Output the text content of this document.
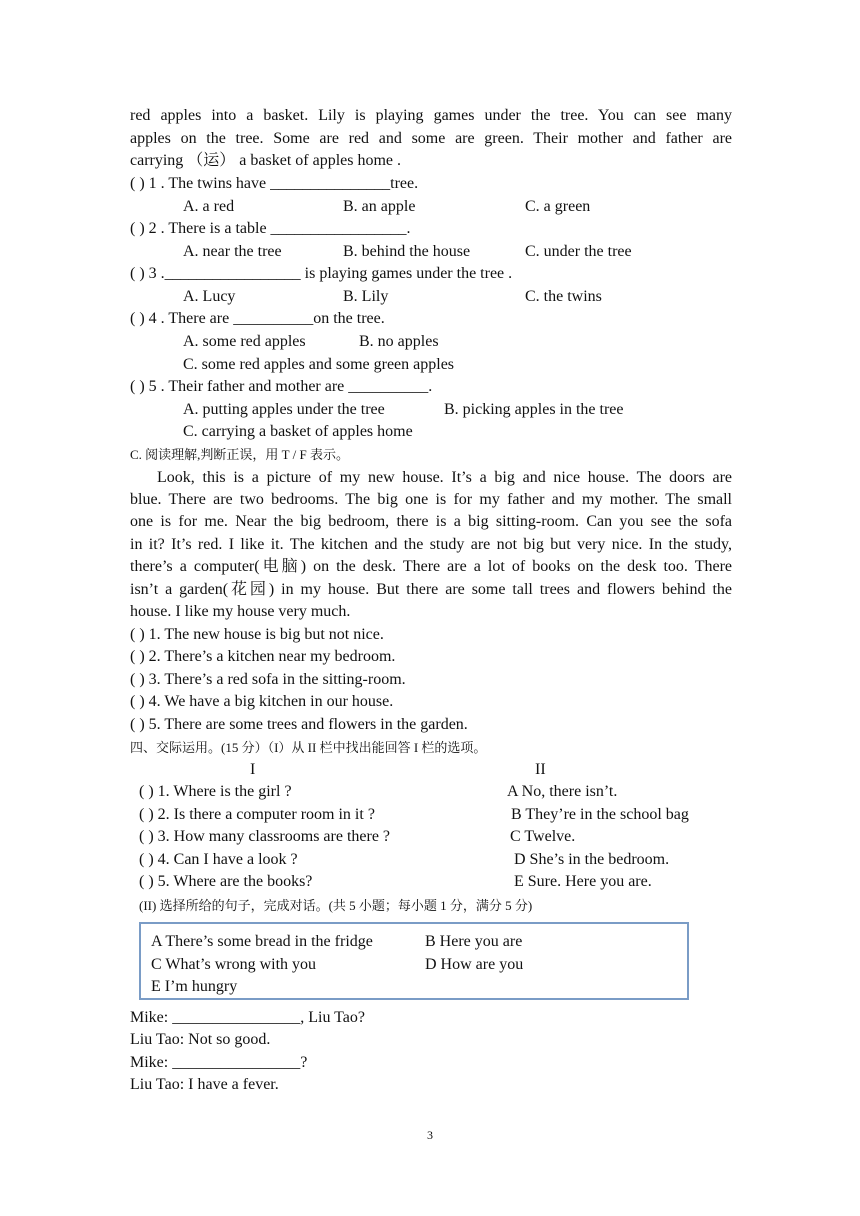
red apples into a basket. Lily is playing games under the tree. You can see many
apples on the tree. Some are red and some are green. Their mother and father are
carrying （运） a basket of apples home .
( ) 1 . The twins have _______________tree.
A. a red	B. an apple	C. a green
( ) 2 . There is a table _________________.
A. near the tree	B. behind the house	C. under the tree
( ) 3 ._________________ is playing games under the tree .
A. Lucy	B. Lily	C. the twins
( ) 4 . There are __________on the tree.
A. some red apples	B. no apples
C. some red apples and some green apples
( ) 5 . Their father and mother are __________.
A. putting apples under the tree	B. picking apples in the tree
C. carrying a basket of apples home
C. 阅读理解,判断正误，用 T / F 表示。
Look, this is a picture of my new house. It’s a big and nice house. The doors are
blue. There are two bedrooms. The big one is for my father and my mother. The small
one is for me. Near the big bedroom, there is a big sitting-room. Can you see the sofa
in it? It’s red. I like it. The kitchen and the study are not big but very nice. In the study,
there’s a computer(电脑) on the desk. There are a lot of books on the desk too. There
isn’t a garden(花园) in my house. But there are some tall trees and flowers behind the
house. I like my house very much.
( ) 1. The new house is big but not nice.
( ) 2. There’s a kitchen near my bedroom.
( ) 3. There’s a red sofa in the sitting-room.
( ) 4. We have a big kitchen in our house.
( ) 5. There are some trees and flowers in the garden.
四、交际运用。(15 分）（I）从 II 栏中找出能回答 I 栏的选项。
I	II
( ) 1. Where is the girl ?	A No, there isn’t.
( ) 2. Is there a computer room in it ?	B They’re in the school bag
( ) 3. How many classrooms are there ?	C Twelve.
( ) 4. Can I have a look ?	D She’s in the bedroom.
( ) 5. Where are the books?	E Sure. Here you are.
(II) 选择所给的句子，完成对话。(共 5 小题；每小题 1 分，满分 5 分)
A There’s some bread in the fridge	B Here you are
C What’s wrong with you	D How are you
E I’m hungry
Mike: ________________, Liu Tao?
Liu Tao: Not so good.
Mike: ________________?
Liu Tao: I have a fever.
3
